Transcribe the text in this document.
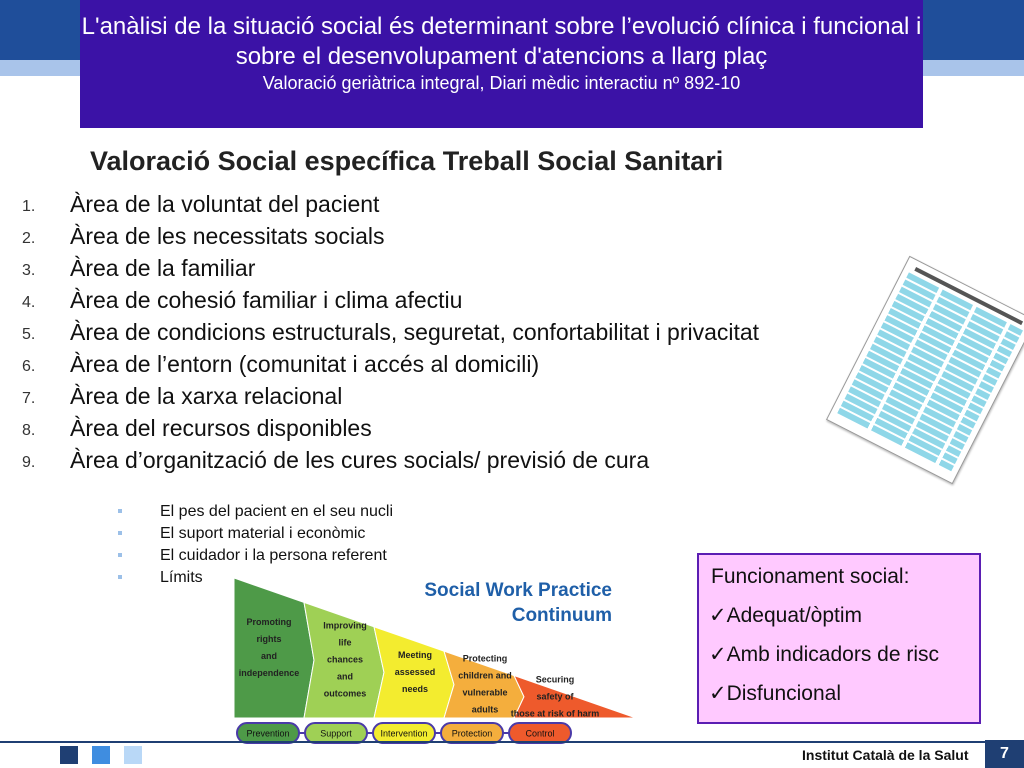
L'anàlisi de la situació social és determinant sobre l’evolució clínica i funcional i sobre el desenvolupament d'atencions a llarg plaç
Valoració geriàtrica integral, Diari mèdic interactiu nº 892-10
Valoració Social específica Treball Social Sanitari
1. Àrea de la voluntat del pacient
2. Àrea de les necessitats socials
3. Àrea de la familiar
4. Àrea de cohesió familiar i clima afectiu
5. Àrea de condicions estructurals, seguretat, confortabilitat i privacitat
6. Àrea de l’entorn (comunitat i accés al domicili)
7. Àrea de la xarxa relacional
8. Àrea del recursos disponibles
9. Àrea d’organització de les cures socials/ previsió de cura
El pes del pacient en el seu nucli
El suport material i econòmic
El cuidador i la persona referent
Límits
Promoting
rights
and
independence
Improving
life
chances
and
outcomes
Meeting
assessed
needs
Protecting
children and
vulnerable
adults
Securing
safety of
those at risk of harm
Social Work Practice
Continuum
Prevention	Support	Intervention	Protection	Control
Funcionament social:
✓Adequat/òptim
✓Amb indicadors de risc
✓Disfuncional
Institut Català de la Salut	7
